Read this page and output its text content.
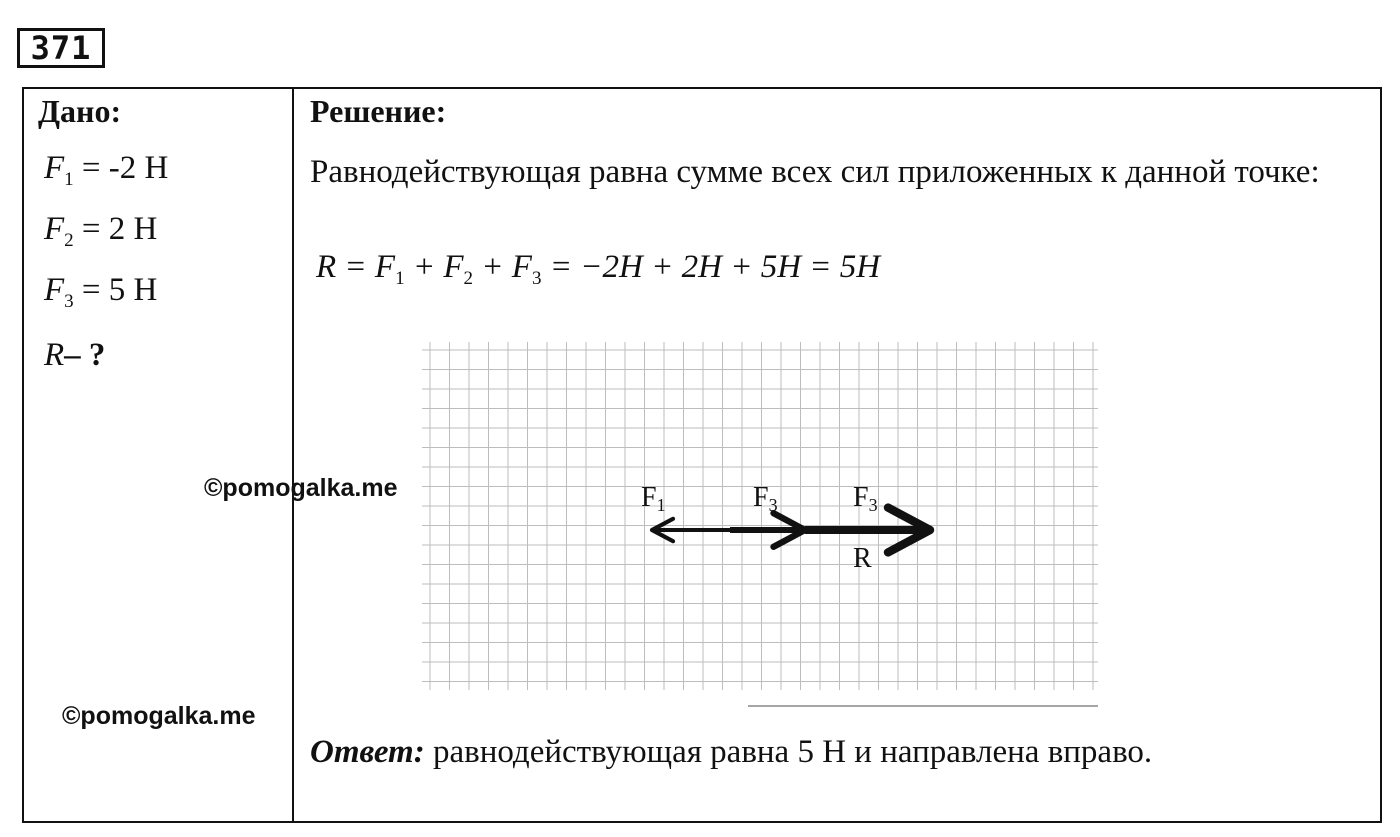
371
Дано:
$F_1 = -2$ Н
$F_2 = 2$ Н
$F_3 = 5$ Н
R– ?
Решение:
Равнодействующая равна сумме всех сил приложенных к данной точке:
$R = F_1 + F_2 + F_3 = -2H + 2H + 5H = 5H$
$F_1$	$F_3$	$F_3$
R
©pomogalka.me
©pomogalka.me
Ответ: равнодействующая равна 5 Н и направлена вправо.
